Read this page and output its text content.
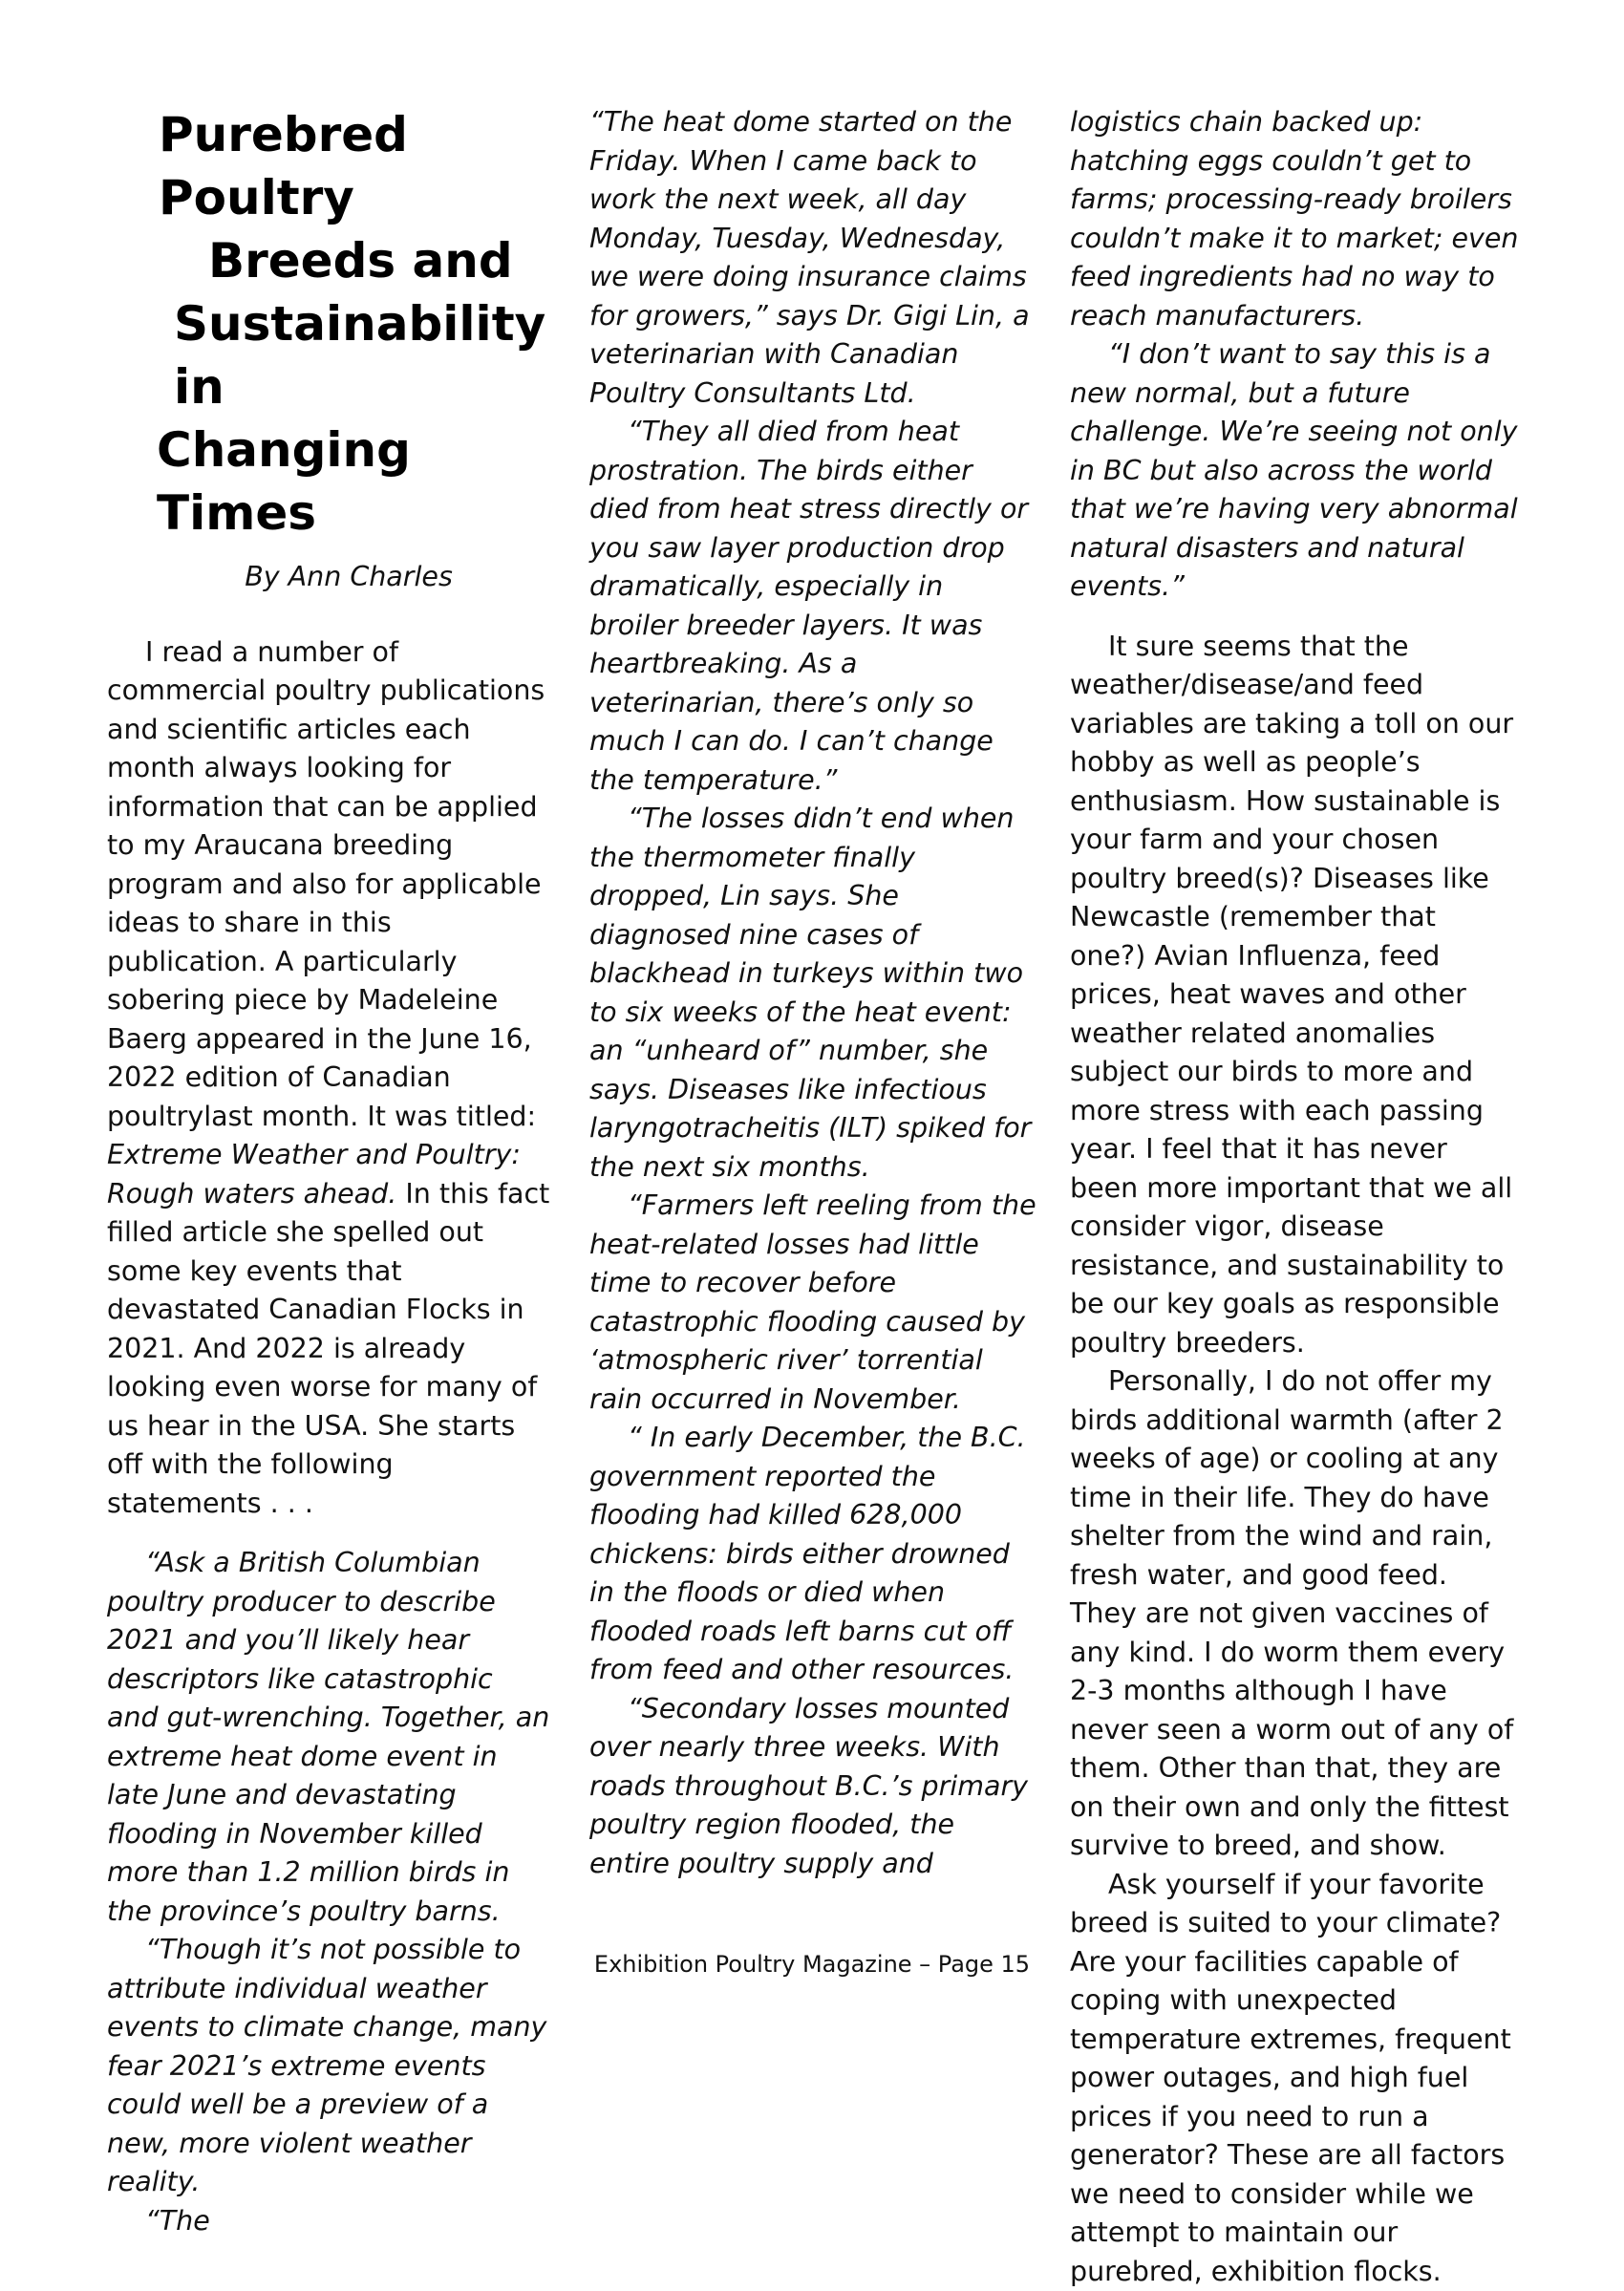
Purebred Poultry
Breeds and
Sustainability in
Changing Times

By Ann Charles

I read a number of commercial poultry publications and scientific articles each month always looking for information that can be applied to my Araucana breeding program and also for applicable ideas to share in this publication. A particularly sobering piece by Madeleine Baerg appeared in the June 16, 2022 edition of Canadian poultrylast month. It was titled: Extreme Weather and Poultry: Rough waters ahead. In this fact filled article she spelled out some key events that devastated Canadian Flocks in 2021. And 2022 is already looking even worse for many of us hear in the USA. She starts off with the following statements . . .

“Ask a British Columbian poultry producer to describe 2021 and you’ll likely hear descriptors like catastrophic and gut-wrenching. Together, an extreme heat dome event in late June and devastating flooding in November killed more than 1.2 million birds in the province’s poultry barns.

“Though it’s not possible to attribute individual weather events to climate change, many fear 2021’s extreme events could well be a preview of a new, more violent weather reality.

“The

“The heat dome started on the Friday. When I came back to work the next week, all day Monday, Tuesday, Wednesday, we were doing insurance claims for growers,” says Dr. Gigi Lin, a veterinarian with Canadian Poultry Consultants Ltd.

“They all died from heat prostration. The birds either died from heat stress directly or you saw layer production drop dramatically, especially in broiler breeder layers. It was heartbreaking. As a veterinarian, there’s only so much I can do. I can’t change the temperature.”

“The losses didn’t end when the thermometer finally dropped, Lin says. She diagnosed nine cases of blackhead in turkeys within two to six weeks of the heat event: an “unheard of” number, she says. Diseases like infectious laryngotracheitis (ILT) spiked for the next six months.

“Farmers left reeling from the heat-related losses had little time to recover before catastrophic flooding caused by ‘atmospheric river’ torrential rain occurred in November.

“ In early December, the B.C. government reported the flooding had killed 628,000 chickens: birds either drowned in the floods or died when flooded roads left barns cut off from feed and other resources.

“Secondary losses mounted over nearly three weeks. With roads throughout B.C.’s primary poultry region flooded, the entire poultry supply and

logistics chain backed up: hatching eggs couldn’t get to farms; processing-ready broilers couldn’t make it to market; even feed ingredients had no way to reach manufacturers.

“I don’t want to say this is a new normal, but a future challenge. We’re seeing not only in BC but also across the world that we’re having very abnormal natural disasters and natural events.”

It sure seems that the weather/disease/and feed variables are taking a toll on our hobby as well as people’s enthusiasm. How sustainable is your farm and your chosen poultry breed(s)? Diseases like Newcastle (remember that one?) Avian Influenza, feed prices, heat waves and other weather related anomalies subject our birds to more and more stress with each passing year. I feel that it has never been more important that we all consider vigor, disease resistance, and sustainability to be our key goals as responsible poultry breeders.

Personally, I do not offer my birds additional warmth (after 2 weeks of age) or cooling at any time in their life. They do have shelter from the wind and rain, fresh water, and good feed. They are not given vaccines of any kind. I do worm them every 2-3 months although I have never seen a worm out of any of them. Other than that, they are on their own and only the fittest survive to breed, and show.

Ask yourself if your favorite breed is suited to your climate? Are your facilities capable of coping with unexpected temperature extremes, frequent power outages, and high fuel prices if you need to run a generator? These are all factors we need to consider while we attempt to maintain our purebred, exhibition flocks.

Exhibition Poultry Magazine – Page 15
